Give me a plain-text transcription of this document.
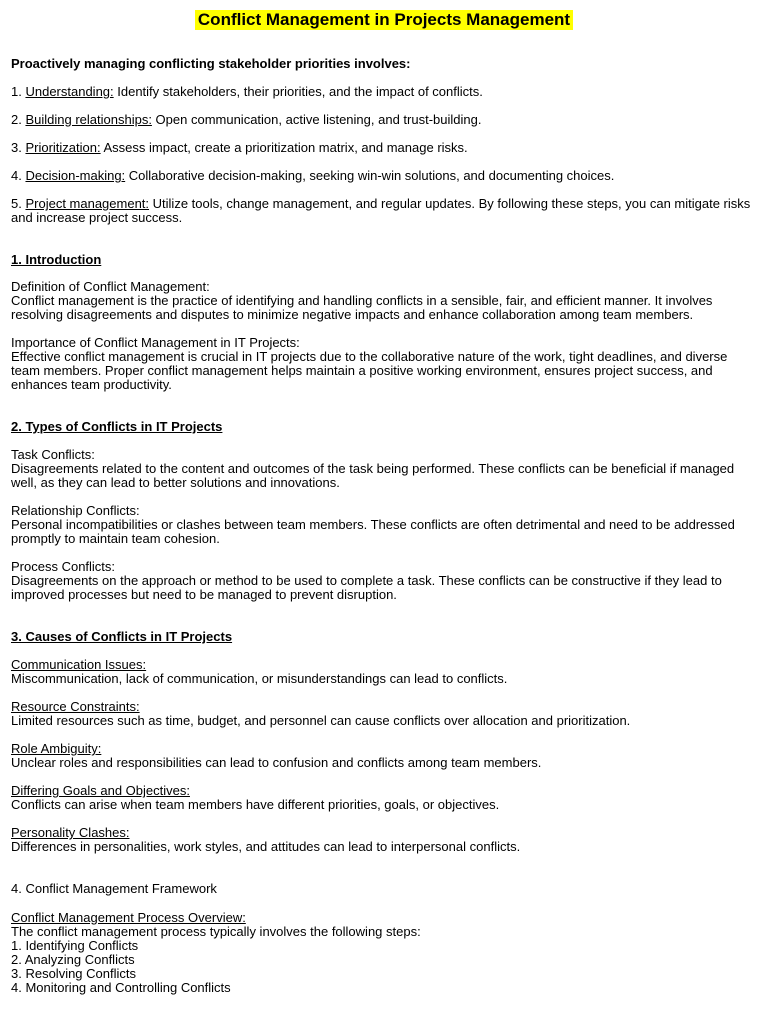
Conflict Management in Projects Management

Proactively managing conflicting stakeholder priorities involves:

1. Understanding: Identify stakeholders, their priorities, and the impact of conflicts.

2. Building relationships: Open communication, active listening, and trust-building.

3. Prioritization: Assess impact, create a prioritization matrix, and manage risks.

4. Decision-making: Collaborative decision-making, seeking win-win solutions, and documenting choices.

5. Project management: Utilize tools, change management, and regular updates. By following these steps, you can mitigate risks and increase project success.

1. Introduction

Definition of Conflict Management:

Conflict management is the practice of identifying and handling conflicts in a sensible, fair, and efficient manner. It involves resolving disagreements and disputes to minimize negative impacts and enhance collaboration among team members.

Importance of Conflict Management in IT Projects:

Effective conflict management is crucial in IT projects due to the collaborative nature of the work, tight deadlines, and diverse team members. Proper conflict management helps maintain a positive working environment, ensures project success, and enhances team productivity.

2. Types of Conflicts in IT Projects

Task Conflicts:

Disagreements related to the content and outcomes of the task being performed. These conflicts can be beneficial if managed well, as they can lead to better solutions and innovations.

Relationship Conflicts:

Personal incompatibilities or clashes between team members. These conflicts are often detrimental and need to be addressed promptly to maintain team cohesion.

Process Conflicts:

Disagreements on the approach or method to be used to complete a task. These conflicts can be constructive if they lead to improved processes but need to be managed to prevent disruption.

3. Causes of Conflicts in IT Projects

Communication Issues:

Miscommunication, lack of communication, or misunderstandings can lead to conflicts.

Resource Constraints:

Limited resources such as time, budget, and personnel can cause conflicts over allocation and prioritization.

Role Ambiguity:

Unclear roles and responsibilities can lead to confusion and conflicts among team members.

Differing Goals and Objectives:

Conflicts can arise when team members have different priorities, goals, or objectives.

Personality Clashes:

Differences in personalities, work styles, and attitudes can lead to interpersonal conflicts.

4. Conflict Management Framework

Conflict Management Process Overview:

The conflict management process typically involves the following steps:

1. Identifying Conflicts

2. Analyzing Conflicts

3. Resolving Conflicts

4. Monitoring and Controlling Conflicts
